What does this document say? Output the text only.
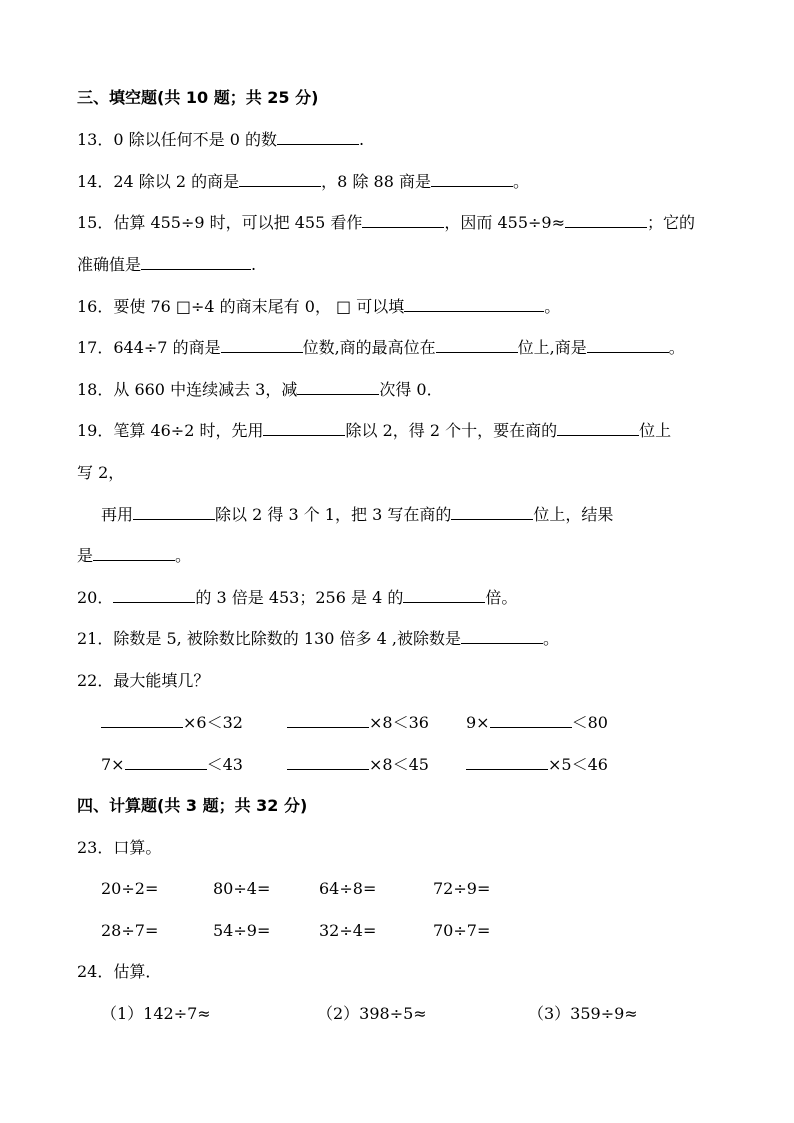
三、填空题(共 10 题；共 25 分)
13．0 除以任何不是 0 的数	.
14．24 除以 2 的商是	，8 除 88 商是	。
15．估算 455÷9 时，可以把 455 看作	，因而 455÷9≈	；它的
准确值是	.
16．要使 76 □÷4 的商末尾有 0， □ 可以填	。
17．644÷7 的商是	位数,商的最高位在	位上,商是	。
18．从 660 中连续减去 3，减	次得 0．
19．笔算 46÷2 时，先用	除以 2，得 2 个十，要在商的	位上
写 2，
再用	除以 2 得 3 个 1，把 3 写在商的	位上，结果
是	。
20．	的 3 倍是 453；256 是 4 的	倍。
21．除数是 5, 被除数比除数的 130 倍多 4 ,被除数是	。
22．最大能填几？
×6＜32	×8＜36 9×	＜80
7×	＜43	×8＜45	×5＜46
四、计算题(共 3 题；共 32 分)
23．口算。
20÷2=	80÷4=	64÷8=	72÷9=
28÷7=	54÷9=	32÷4=	70÷7=
24．估算．
（1）142÷7≈	（2）398÷5≈	（3）359÷9≈
